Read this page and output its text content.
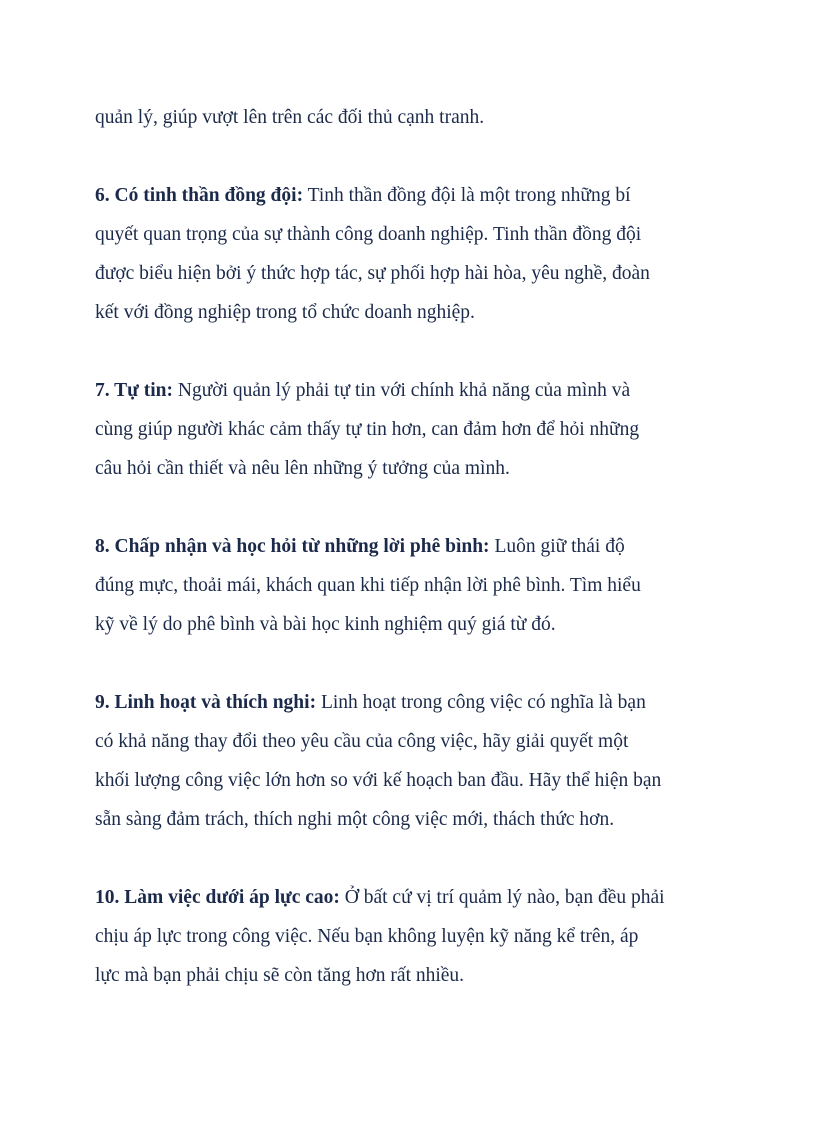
quản lý, giúp vượt lên trên các đối thủ cạnh tranh.

6. Có tinh thần đồng đội: Tinh thần đồng đội là một trong những bí
quyết quan trọng của sự thành công doanh nghiệp. Tinh thần đồng đội
được biểu hiện bởi ý thức hợp tác, sự phối hợp hài hòa, yêu nghề, đoàn
kết với đồng nghiệp trong tổ chức doanh nghiệp.

7. Tự tin: Người quản lý phải tự tin với chính khả năng của mình và
cùng giúp người khác cảm thấy tự tin hơn, can đảm hơn để hỏi những
câu hỏi cần thiết và nêu lên những ý tưởng của mình.

8. Chấp nhận và học hỏi từ những lời phê bình: Luôn giữ thái độ
đúng mực, thoải mái, khách quan khi tiếp nhận lời phê bình. Tìm hiểu
kỹ về lý do phê bình và bài học kinh nghiệm quý giá từ đó.

9. Linh hoạt và thích nghi: Linh hoạt trong công việc có nghĩa là bạn
có khả năng thay đổi theo yêu cầu của công việc, hãy giải quyết một
khối lượng công việc lớn hơn so với kế hoạch ban đầu. Hãy thể hiện bạn
sẵn sàng đảm trách, thích nghi một công việc mới, thách thức hơn.

10. Làm việc dưới áp lực cao: Ở bất cứ vị trí quảm lý nào, bạn đều phải
chịu áp lực trong công việc. Nếu bạn không luyện kỹ năng kể trên, áp
lực mà bạn phải chịu sẽ còn tăng hơn rất nhiều.
